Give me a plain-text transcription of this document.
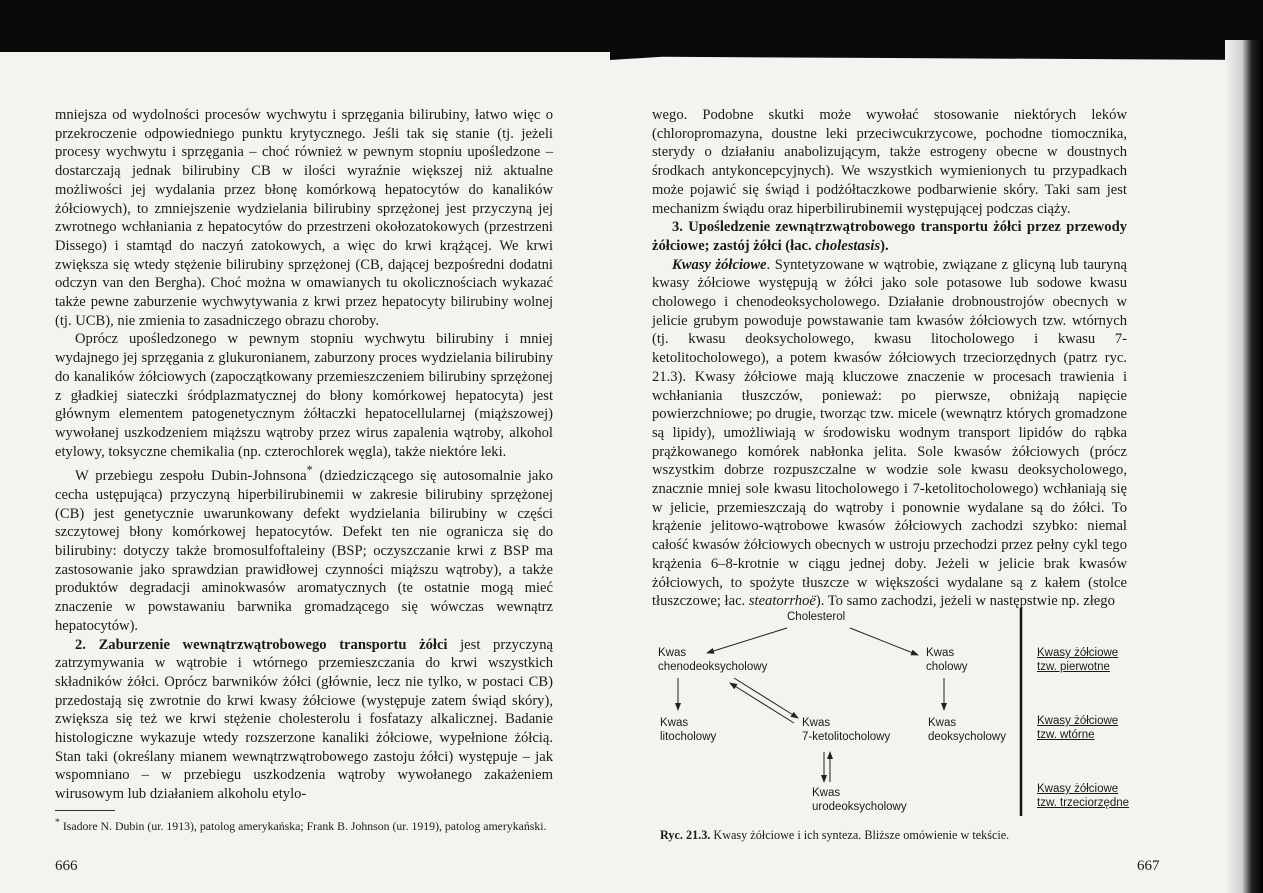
mniejsza od wydolności procesów wychwytu i sprzęgania bilirubiny, łatwo więc o przekroczenie odpowiedniego punktu krytycznego. Jeśli tak się stanie (tj. jeżeli procesy wychwytu i sprzęgania – choć również w pewnym stopniu upośledzone – dostarczają jednak bilirubiny CB w ilości wyraźnie większej niż aktualne możliwości jej wydalania przez błonę komórkową hepatocytów do kanalików żółciowych), to zmniejszenie wydzielania bilirubiny sprzężonej jest przyczyną jej zwrotnego wchłaniania z hepatocytów do przestrzeni okołozatokowych (przestrzeni Dissego) i stamtąd do naczyń zatokowych, a więc do krwi krążącej. We krwi zwiększa się wtedy stężenie bilirubiny sprzężonej (CB, dającej bezpośredni dodatni odczyn van den Bergha). Choć można w omawianych tu okolicznościach wykazać także pewne zaburzenie wychwytywania z krwi przez hepatocyty bilirubiny wolnej (tj. UCB), nie zmienia to zasadniczego obrazu choroby.

Oprócz upośledzonego w pewnym stopniu wychwytu bilirubiny i mniej wydajnego jej sprzęgania z glukuronianem, zaburzony proces wydzielania bilirubiny do kanalików żółciowych (zapoczątkowany przemieszczeniem bilirubiny sprzężonej z gładkiej siateczki śródplazmatycznej do błony komórkowej hepatocyta) jest głównym elementem patogenetycznym żółtaczki hepatocellularnej (miąższowej) wywołanej uszkodzeniem miąższu wątroby przez wirus zapalenia wątroby, alkohol etylowy, toksyczne chemikalia (np. czterochlorek węgla), także niektóre leki.

W przebiegu zespołu Dubin-Johnsona* (dziedziczącego się autosomalnie jako cecha ustępująca) przyczyną hiperbilirubinemii w zakresie bilirubiny sprzężonej (CB) jest genetycznie uwarunkowany defekt wydzielania bilirubiny w części szczytowej błony komórkowej hepatocytów. Defekt ten nie ogranicza się do bilirubiny: dotyczy także bromosulfoftaleiny (BSP; oczyszczanie krwi z BSP ma zastosowanie jako sprawdzian prawidłowej czynności miąższu wątroby), a także produktów degradacji aminokwasów aromatycznych (te ostatnie mogą mieć znaczenie w powstawaniu barwnika gromadzącego się wówczas wewnątrz hepatocytów).

2. Zaburzenie wewnątrzwątrobowego transportu żółci jest przyczyną zatrzymywania w wątrobie i wtórnego przemieszczania do krwi wszystkich składników żółci. Oprócz barwników żółci (głównie, lecz nie tylko, w postaci CB) przedostają się zwrotnie do krwi kwasy żółciowe (występuje zatem świąd skóry), zwiększa się też we krwi stężenie cholesterolu i fosfatazy alkalicznej. Badanie histologiczne wykazuje wtedy rozszerzone kanaliki żółciowe, wypełnione żółcią. Stan taki (określany mianem wewnątrzwątrobowego zastoju żółci) występuje – jak wspomniano – w przebiegu uszkodzenia wątroby wywołanego zakażeniem wirusowym lub działaniem alkoholu etylo-

* Isadore N. Dubin (ur. 1913), patolog amerykańska; Frank B. Johnson (ur. 1919), patolog amerykański.
666

wego. Podobne skutki może wywołać stosowanie niektórych leków (chloropromazyna, doustne leki przeciwcukrzycowe, pochodne tiomocznika, sterydy o działaniu anabolizującym, także estrogeny obecne w doustnych środkach antykoncepcyjnych). We wszystkich wymienionych tu przypadkach może pojawić się świąd i podżółtaczkowe podbarwienie skóry. Taki sam jest mechanizm świądu oraz hiperbilirubinemii występującej podczas ciąży.

3. Upośledzenie zewnątrzwątrobowego transportu żółci przez przewody żółciowe; zastój żółci (łac. cholestasis).

Kwasy żółciowe. Syntetyzowane w wątrobie, związane z glicyną lub tauryną kwasy żółciowe występują w żółci jako sole potasowe lub sodowe kwasu cholowego i chenodeoksycholowego. Działanie drobnoustrojów obecnych w jelicie grubym powoduje powstawanie tam kwasów żółciowych tzw. wtórnych (tj. kwasu deoksycholowego, kwasu litocholowego i kwasu 7-ketolitocholowego), a potem kwasów żółciowych trzeciorzędnych (patrz ryc. 21.3). Kwasy żółciowe mają kluczowe znaczenie w procesach trawienia i wchłaniania tłuszczów, ponieważ: po pierwsze, obniżają napięcie powierzchniowe; po drugie, tworząc tzw. micele (wewnątrz których gromadzone są lipidy), umożliwiają w środowisku wodnym transport lipidów do rąbka prążkowanego komórek nabłonka jelita. Sole kwasów żółciowych (prócz wszystkim dobrze rozpuszczalne w wodzie sole kwasu deoksycholowego, znacznie mniej sole kwasu litocholowego i 7-ketolitocholowego) wchłaniają się w jelicie, przemieszczają do wątroby i ponownie wydalane są do żółci. To krążenie jelitowo-wątrobowe kwasów żółciowych zachodzi szybko: niemal całość kwasów żółciowych obecnych w ustroju przechodzi przez pełny cykl tego krążenia 6–8-krotnie w ciągu jednej doby. Jeżeli w jelicie brak kwasów żółciowych, to spożyte tłuszcze w większości wydalane są z kałem (stolce tłuszczowe; łac. steatorrhoë). To samo zachodzi, jeżeli w następstwie np. złego

Cholesterol
Kwas
chenodeoksycholowy
Kwas
cholowy
Kwas
litocholowy
Kwas
7-ketolitocholowy
Kwas
deoksycholowy
Kwas
urodeoksycholowy
Kwasy żółciowe
tzw. pierwotne
Kwasy żółciowe
tzw. wtórne
Kwasy żółciowe
tzw. trzeciorzędne
Ryc. 21.3. Kwasy żółciowe i ich synteza. Bliższe omówienie w tekście.
667
